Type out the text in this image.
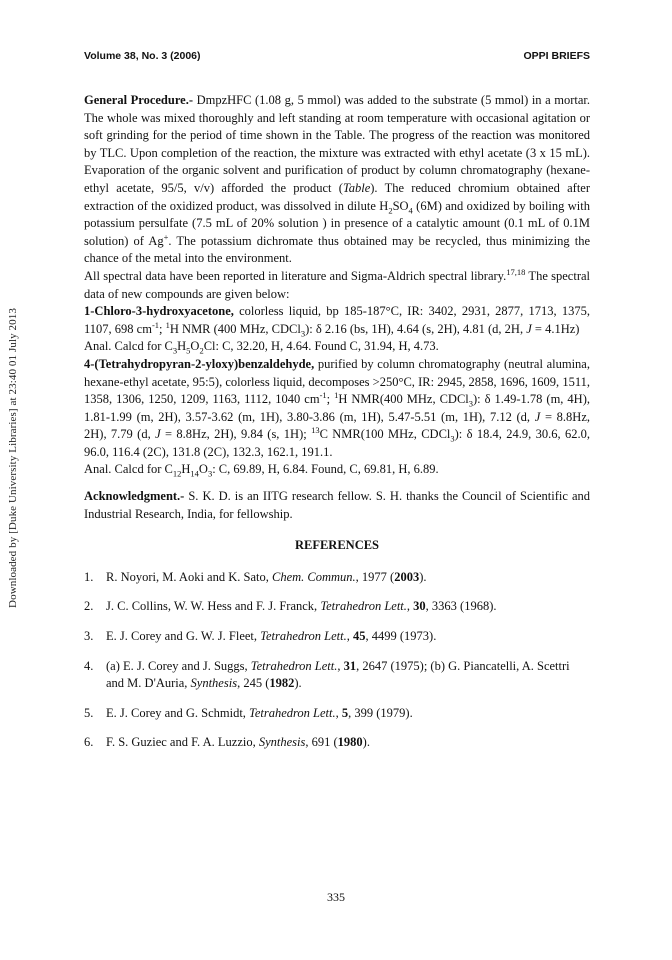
Downloaded by [Duke University Libraries] at 23:40 01 July 2013
Volume 38, No. 3 (2006)	OPPI BRIEFS

General Procedure.- DmpzHFC (1.08 g, 5 mmol) was added to the substrate (5 mmol) in a mortar. The whole was mixed thoroughly and left standing at room temperature with occasional agitation or soft grinding for the period of time shown in the Table. The progress of the reaction was monitored by TLC. Upon completion of the reaction, the mixture was extracted with ethyl acetate (3 x 15 mL). Evaporation of the organic solvent and purification of product by column chromatography (hexane-ethyl acetate, 95/5, v/v) afforded the product (Table). The reduced chromium obtained after extraction of the oxidized product, was dissolved in dilute $H_2SO_4$ (6M) and oxidized by boiling with potassium persulfate (7.5 mL of 20% solution ) in presence of a catalytic amount (0.1 mL of 0.1M solution) of Ag+. The potassium dichromate thus obtained may be recycled, thus minimizing the chance of the metal into the environment.

All spectral data have been reported in literature and Sigma-Aldrich spectral library.$^{17,18}$ The spectral data of new compounds are given below:

1-Chloro-3-hydroxyacetone, colorless liquid, bp 185-187°C, IR: 3402, 2931, 2877, 1713, 1375, 1107, 698 $cm^{-1}$; $^1$H NMR (400 MHz, CDCl$_3$): δ 2.16 (bs, 1H), 4.64 (s, 2H), 4.81 (d, 2H, J = 4.1Hz)

Anal. Calcd for $C_3H_5O_2Cl$: C, 32.20, H, 4.64. Found C, 31.94, H, 4.73.

4-(Tetrahydropyran-2-yloxy)benzaldehyde, purified by column chromatography (neutral alumina, hexane-ethyl acetate, 95:5), colorless liquid, decomposes >250°C, IR: 2945, 2858, 1696, 1609, 1511, 1358, 1306, 1250, 1209, 1163, 1112, 1040 $cm^{-1}$; $^1$H NMR(400 MHz, CDCl$_3$): δ 1.49-1.78 (m, 4H), 1.81-1.99 (m, 2H), 3.57-3.62 (m, 1H), 3.80-3.86 (m, 1H), 5.47-5.51 (m, 1H), 7.12 (d, J = 8.8Hz, 2H), 7.79 (d, J = 8.8Hz, 2H), 9.84 (s, 1H); $^{13}$C NMR(100 MHz, CDCl$_3$): δ 18.4, 24.9, 30.6, 62.0, 96.0, 116.4 (2C), 131.8 (2C), 132.3, 162.1, 191.1.

Anal. Calcd for $C_{12}H_{14}O_3$: C, 69.89, H, 6.84. Found, C, 69.81, H, 6.89.

Acknowledgment.- S. K. D. is an IITG research fellow. S. H. thanks the Council of Scientific and Industrial Research, India, for fellowship.

REFERENCES

1.	R. Noyori, M. Aoki and K. Sato, Chem. Commun., 1977 (2003).
2.	J. C. Collins, W. W. Hess and F. J. Franck, Tetrahedron Lett., 30, 3363 (1968).
3.	E. J. Corey and G. W. J. Fleet, Tetrahedron Lett., 45, 4499 (1973).
4.	(a) E. J. Corey and J. Suggs, Tetrahedron Lett., 31, 2647 (1975); (b) G. Piancatelli, A. Scettri and M. D'Auria, Synthesis, 245 (1982).
5.	E. J. Corey and G. Schmidt, Tetrahedron Lett., 5, 399 (1979).
6.	F. S. Guziec and F. A. Luzzio, Synthesis, 691 (1980).
335
